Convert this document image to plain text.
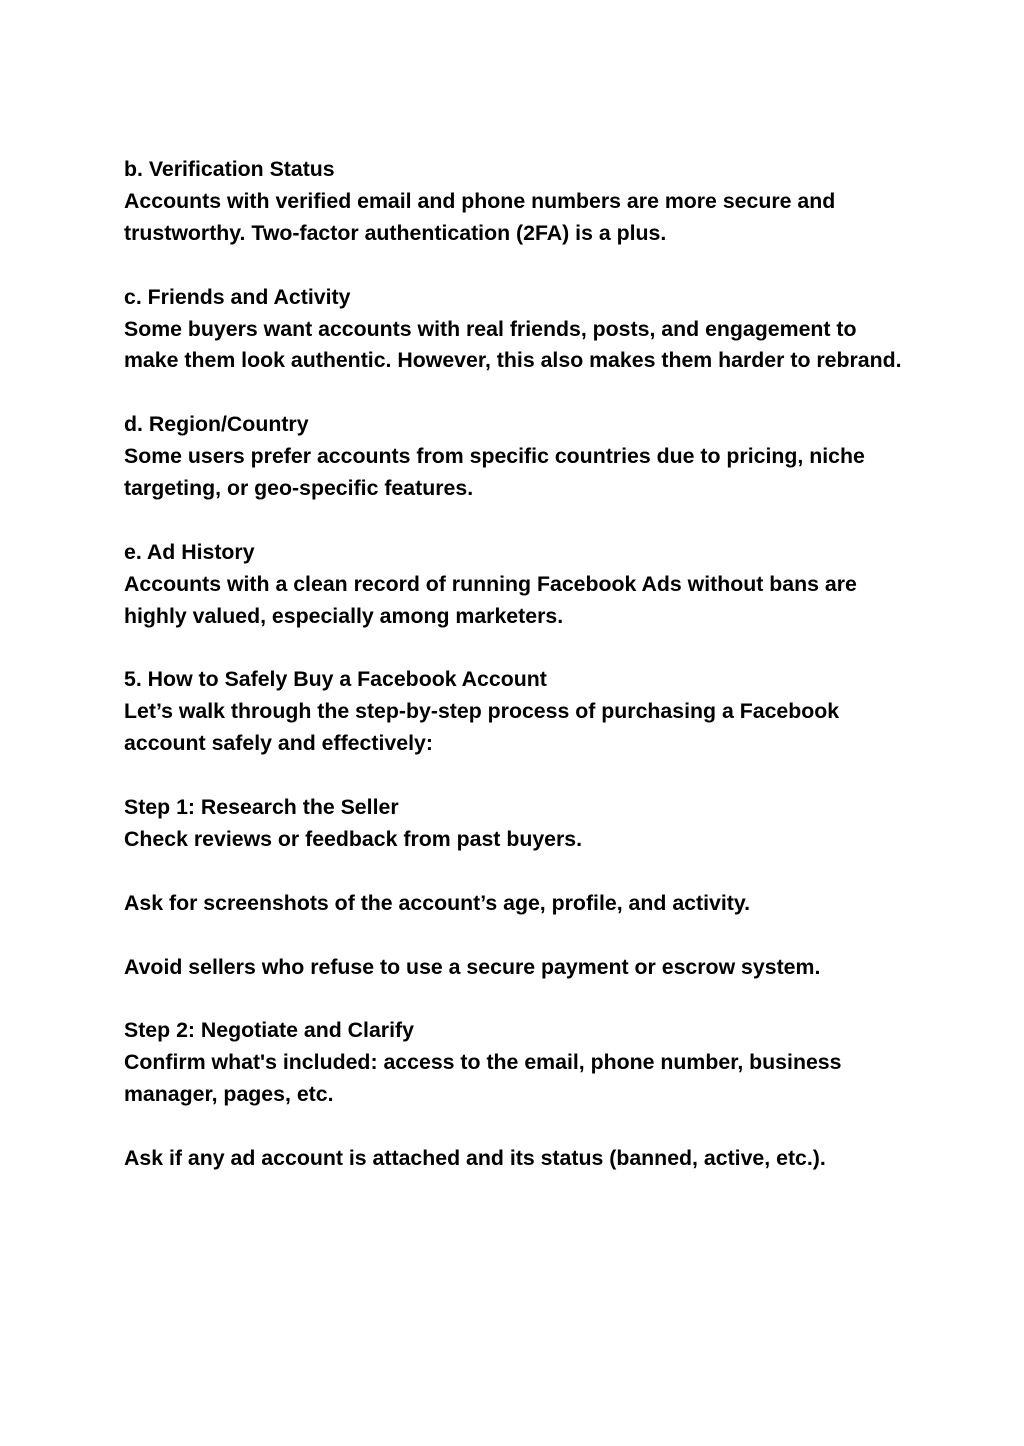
b. Verification Status
Accounts with verified email and phone numbers are more secure and trustworthy. Two-factor authentication (2FA) is a plus.
c. Friends and Activity
Some buyers want accounts with real friends, posts, and engagement to make them look authentic. However, this also makes them harder to rebrand.
d. Region/Country
Some users prefer accounts from specific countries due to pricing, niche targeting, or geo-specific features.
e. Ad History
Accounts with a clean record of running Facebook Ads without bans are highly valued, especially among marketers.
5. How to Safely Buy a Facebook Account
Let’s walk through the step-by-step process of purchasing a Facebook account safely and effectively:
Step 1: Research the Seller
Check reviews or feedback from past buyers.
Ask for screenshots of the account’s age, profile, and activity.
Avoid sellers who refuse to use a secure payment or escrow system.
Step 2: Negotiate and Clarify
Confirm what's included: access to the email, phone number, business manager, pages, etc.
Ask if any ad account is attached and its status (banned, active, etc.).
